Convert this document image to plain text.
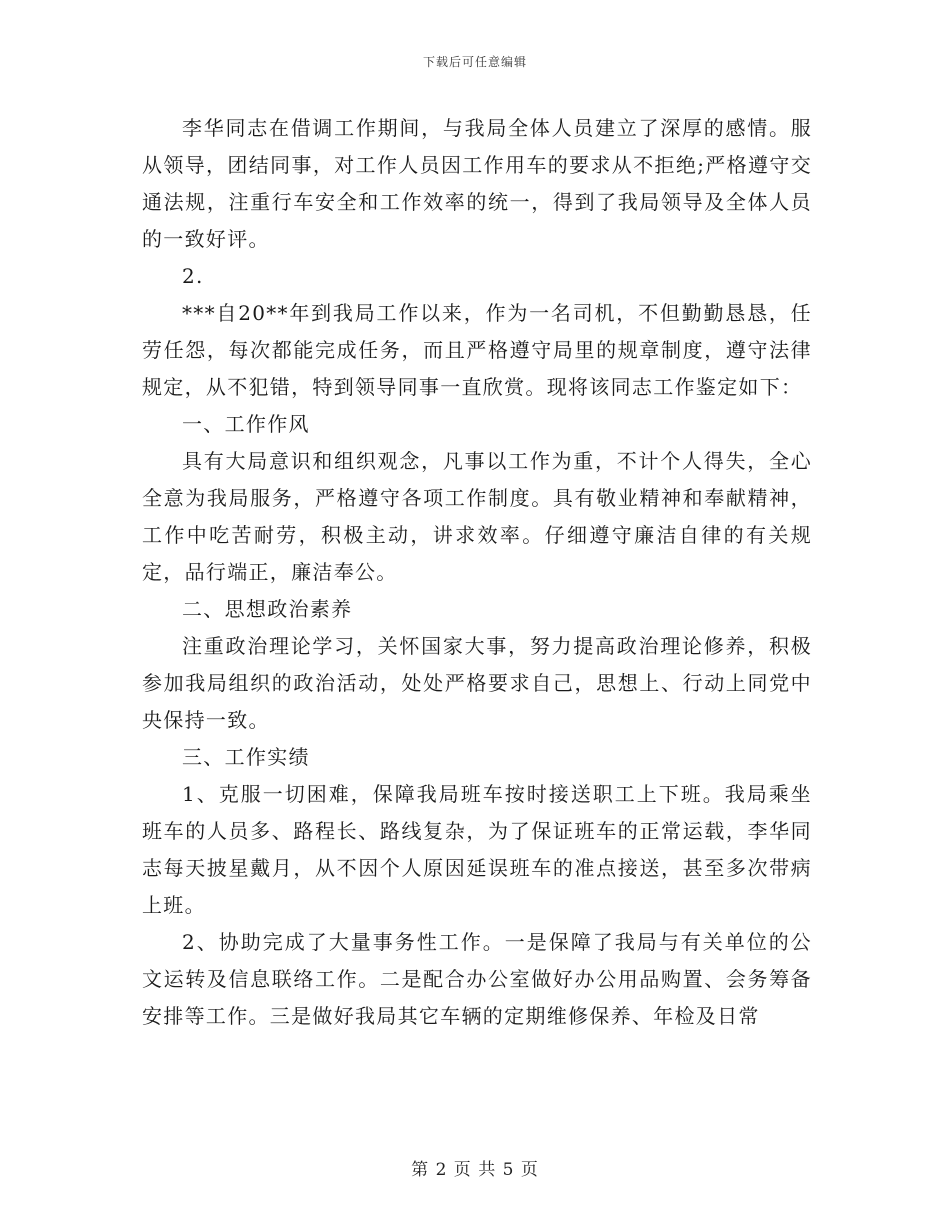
下载后可任意编辑

李华同志在借调工作期间，与我局全体人员建立了深厚的感情。服从领导，团结同事，对工作人员因工作用车的要求从不拒绝;严格遵守交通法规，注重行车安全和工作效率的统一，得到了我局领导及全体人员的一致好评。

2.

***自20**年到我局工作以来，作为一名司机，不但勤勤恳恳，任劳任怨，每次都能完成任务，而且严格遵守局里的规章制度，遵守法律规定，从不犯错，特到领导同事一直欣赏。现将该同志工作鉴定如下：

一、工作作风

具有大局意识和组织观念，凡事以工作为重，不计个人得失，全心全意为我局服务，严格遵守各项工作制度。具有敬业精神和奉献精神，工作中吃苦耐劳，积极主动，讲求效率。仔细遵守廉洁自律的有关规定，品行端正，廉洁奉公。

二、思想政治素养

注重政治理论学习，关怀国家大事，努力提高政治理论修养，积极参加我局组织的政治活动，处处严格要求自己，思想上、行动上同党中央保持一致。

三、工作实绩

1、克服一切困难，保障我局班车按时接送职工上下班。我局乘坐班车的人员多、路程长、路线复杂，为了保证班车的正常运载，李华同志每天披星戴月，从不因个人原因延误班车的准点接送，甚至多次带病上班。

2、协助完成了大量事务性工作。一是保障了我局与有关单位的公文运转及信息联络工作。二是配合办公室做好办公用品购置、会务筹备安排等工作。三是做好我局其它车辆的定期维修保养、年检及日常

第 2 页 共 5 页
